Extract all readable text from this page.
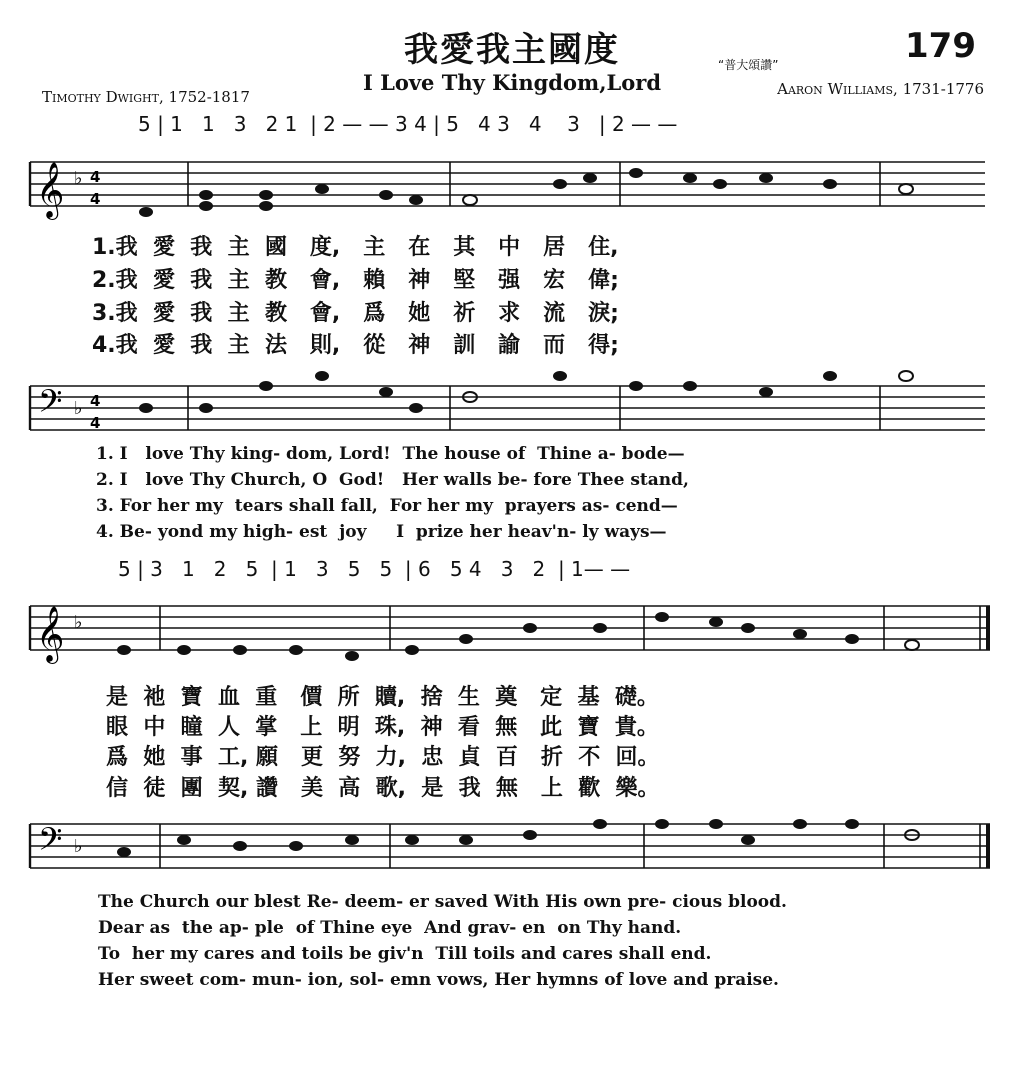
我愛我主國度
I Love Thy Kingdom,Lord
179
“普大頌讚”
Timothy Dwight, 1752-1817	Aaron Williams, 1731-1776
5 | 1   1   3   2 1  | 2 — — 3 4 | 5   4 3   4    3   | 2 — —
𝄞 ♭ 4
4
1.我  愛  我  主  國   度,   主   在   其   中   居   住,
2.我  愛  我  主  教   會,   賴   神   堅   强   宏   偉;
3.我  愛  我  主  教   會,   爲   她   祈   求   流   淚;
4.我  愛  我  主  法   則,   從   神   訓   諭   而   得;
𝄢 ♭ 4
4
1. I   love Thy king- dom, Lord!  The house of  Thine a- bode—
2. I   love Thy Church, O  God!   Her walls be- fore Thee stand,
3. For her my  tears shall fall,  For her my  prayers as- cend—
4. Be- yond my high- est  joy     I  prize her heav'n- ly ways—
5 | 3   1   2   5  | 1   3   5   5  | 6   5 4   3   2  | 1— —
𝄞 ♭
是  祂  寶  血  重   價  所  贖,  捨  生  奠   定  基  礎。
眼  中  瞳  人  掌   上  明  珠,  神  看  無   此  寶  貴。
爲  她  事  工, 願   更  努  力,  忠  貞  百   折  不  回。
信  徒  團  契, 讚   美  高  歌,  是  我  無   上  歡  樂。
𝄢 ♭
The Church our blest Re- deem- er saved With His own pre- cious blood.
Dear as  the ap- ple  of Thine eye  And grav- en  on Thy hand.
To  her my cares and toils be giv'n  Till toils and cares shall end.
Her sweet com- mun- ion, sol- emn vows, Her hymns of love and praise.
